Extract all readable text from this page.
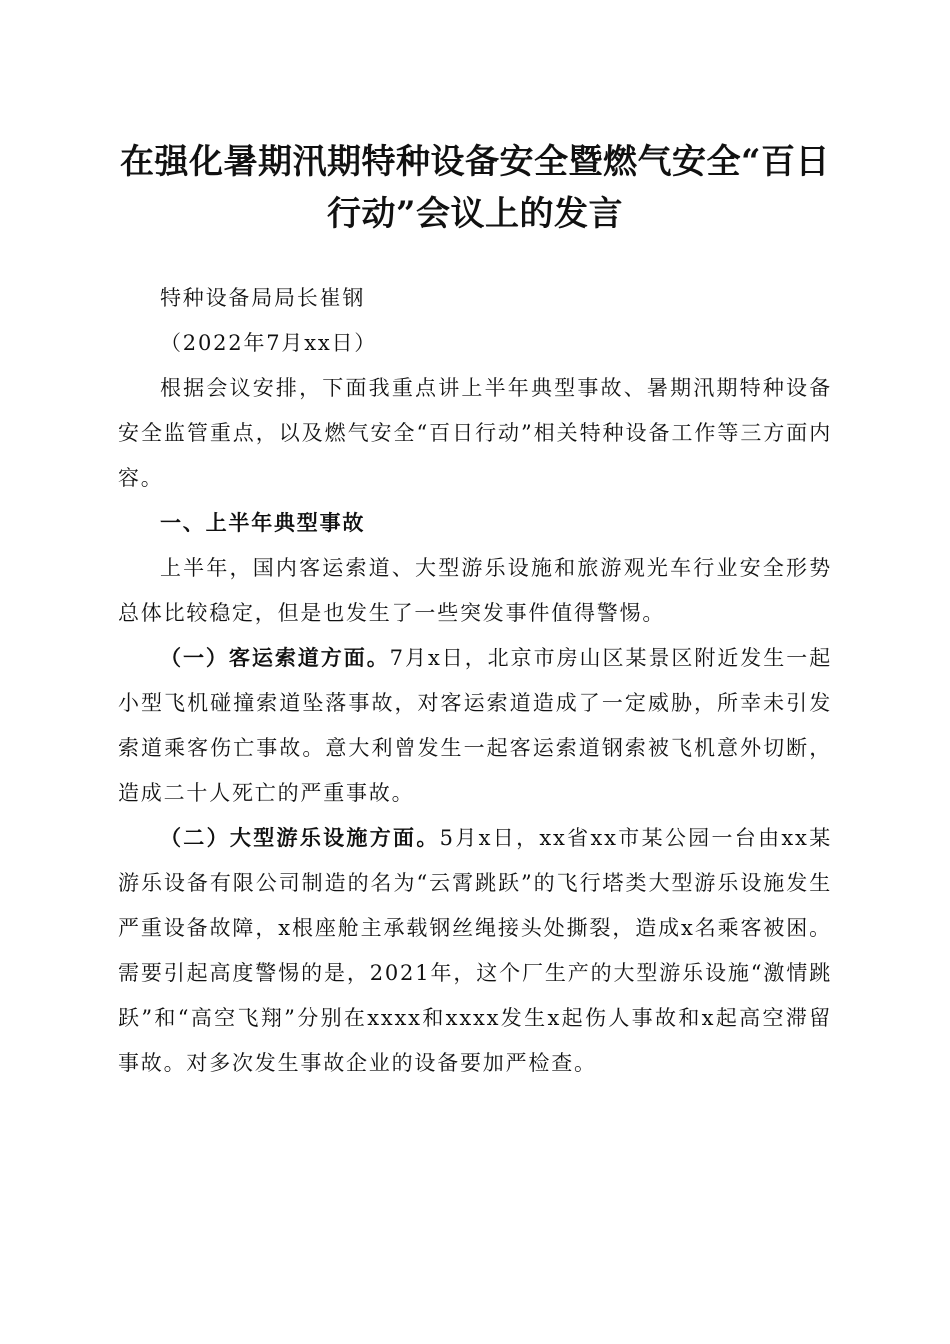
在强化暑期汛期特种设备安全暨燃气安全“百日行动”会议上的发言

特种设备局局长崔钢

（2022年7月xx日）

根据会议安排，下面我重点讲上半年典型事故、暑期汛期特种设备安全监管重点，以及燃气安全“百日行动”相关特种设备工作等三方面内容。

一、上半年典型事故

上半年，国内客运索道、大型游乐设施和旅游观光车行业安全形势总体比较稳定，但是也发生了一些突发事件值得警惕。

（一）客运索道方面。7月x日，北京市房山区某景区附近发生一起小型飞机碰撞索道坠落事故，对客运索道造成了一定威胁，所幸未引发索道乘客伤亡事故。意大利曾发生一起客运索道钢索被飞机意外切断，造成二十人死亡的严重事故。

（二）大型游乐设施方面。5月x日，xx省xx市某公园一台由xx某游乐设备有限公司制造的名为“云霄跳跃”的飞行塔类大型游乐设施发生严重设备故障，x根座舱主承载钢丝绳接头处撕裂，造成x名乘客被困。需要引起高度警惕的是，2021年，这个厂生产的大型游乐设施“激情跳跃”和“高空飞翔”分别在xxxx和xxxx发生x起伤人事故和x起高空滞留事故。对多次发生事故企业的设备要加严检查。
